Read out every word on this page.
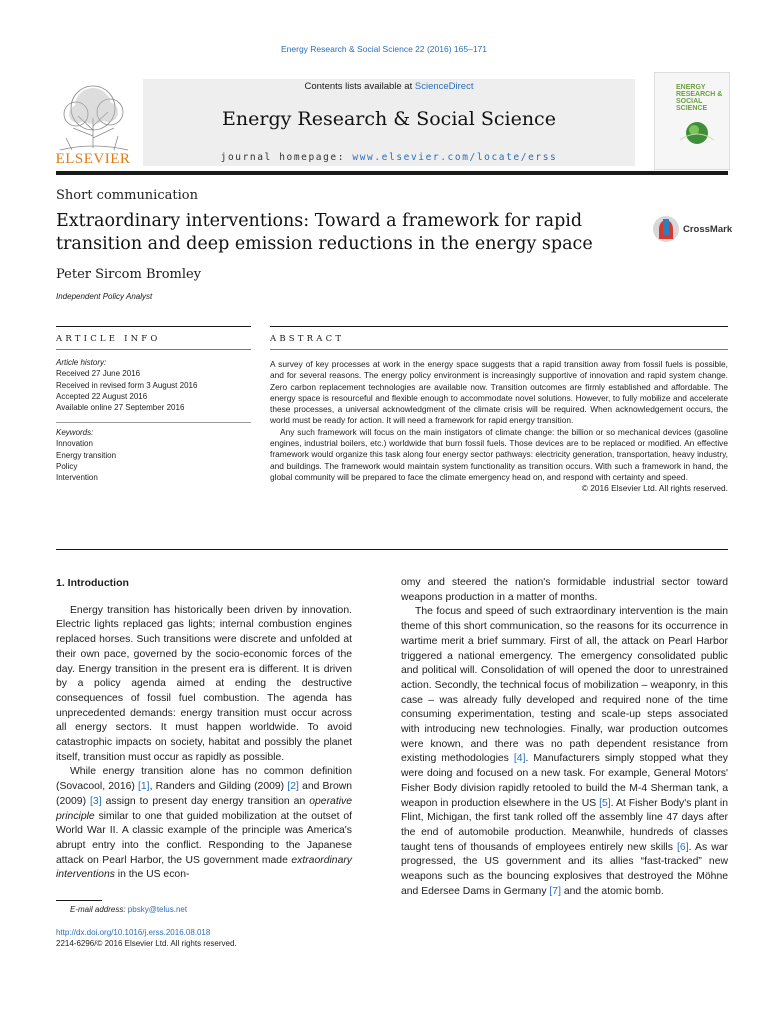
Energy Research & Social Science 22 (2016) 165–171
ELSEVIER
Contents lists available at ScienceDirect
Energy Research & Social Science
journal homepage: www.elsevier.com/locate/erss
ENERGY RESEARCH & SOCIAL SCIENCE
Short communication
Extraordinary interventions: Toward a framework for rapid transition and deep emission reductions in the energy space
CrossMark
Peter Sircom Bromley
Independent Policy Analyst
ARTICLE INFO	ABSTRACT
Article history:
Received 27 June 2016
Received in revised form 3 August 2016
Accepted 22 August 2016
Available online 27 September 2016
Keywords:
Innovation
Energy transition
Policy
Intervention

A survey of key processes at work in the energy space suggests that a rapid transition away from fossil fuels is possible, and for several reasons. The energy policy environment is increasingly supportive of innovation and rapid system change. Zero carbon replacement technologies are available now. Transition outcomes are firmly established and affordable. The energy space is resourceful and flexible enough to accommodate novel solutions. However, to fully mobilize and accelerate these processes, a universal acknowledgment of the climate crisis will be required. When acknowledgement occurs, the world must be ready for action. It will need a framework for rapid energy transition.

Any such framework will focus on the main instigators of climate change: the billion or so mechanical devices (gasoline engines, industrial boilers, etc.) worldwide that burn fossil fuels. Those devices are to be replaced or modified. An effective framework would organize this task along four energy sector pathways: electricity generation, transportation, heavy industry, and buildings. The framework would maintain system functionality as transition occurs. With such a framework in hand, the global community will be prepared to face the climate emergency head on, and respond with certainty and speed.

© 2016 Elsevier Ltd. All rights reserved.
1. Introduction

Energy transition has historically been driven by innovation. Electric lights replaced gas lights; internal combustion engines replaced horses. Such transitions were discrete and unfolded at their own pace, governed by the socio-economic forces of the day. Energy transition in the present era is different. It is driven by a policy agenda aimed at ending the destructive consequences of fossil fuel combustion. The agenda has unprecedented demands: energy transition must occur across all energy sectors. It must happen worldwide. To avoid catastrophic impacts on society, habitat and possibly the planet itself, transition must occur as rapidly as possible.

While energy transition alone has no common definition (Sovacool, 2016) [1], Randers and Gilding (2009) [2] and Brown (2009) [3] assign to present day energy transition an operative principle similar to one that guided mobilization at the outset of World War II. A classic example of the principle was America's abrupt entry into the conflict. Responding to the Japanese attack on Pearl Harbor, the US government made extraordinary interventions in the US econ-

omy and steered the nation's formidable industrial sector toward weapons production in a matter of months.

The focus and speed of such extraordinary intervention is the main theme of this short communication, so the reasons for its occurrence in wartime merit a brief summary. First of all, the attack on Pearl Harbor triggered a national emergency. The emergency consolidated public and political will. Consolidation of will opened the door to unrestrained action. Secondly, the technical focus of mobilization – weaponry, in this case – was already fully developed and required none of the time consuming experimentation, testing and scale-up steps associated with introducing new technologies. Finally, war production outcomes were known, and there was no path dependent resistance from existing methodologies [4]. Manufacturers simply stopped what they were doing and focused on a new task. For example, General Motors' Fisher Body division rapidly retooled to build the M-4 Sherman tank, a weapon in production elsewhere in the US [5]. At Fisher Body's plant in Flint, Michigan, the first tank rolled off the assembly line 47 days after the end of automobile production. Meanwhile, hundreds of classes taught tens of thousands of employees entirely new skills [6]. As war progressed, the US government and its allies “fast-tracked” new weapons such as the bouncing explosives that destroyed the Möhne and Edersee Dams in Germany [7] and the atomic bomb.

E-mail address: pbsky@telus.net
http://dx.doi.org/10.1016/j.erss.2016.08.018
2214-6296/© 2016 Elsevier Ltd. All rights reserved.
